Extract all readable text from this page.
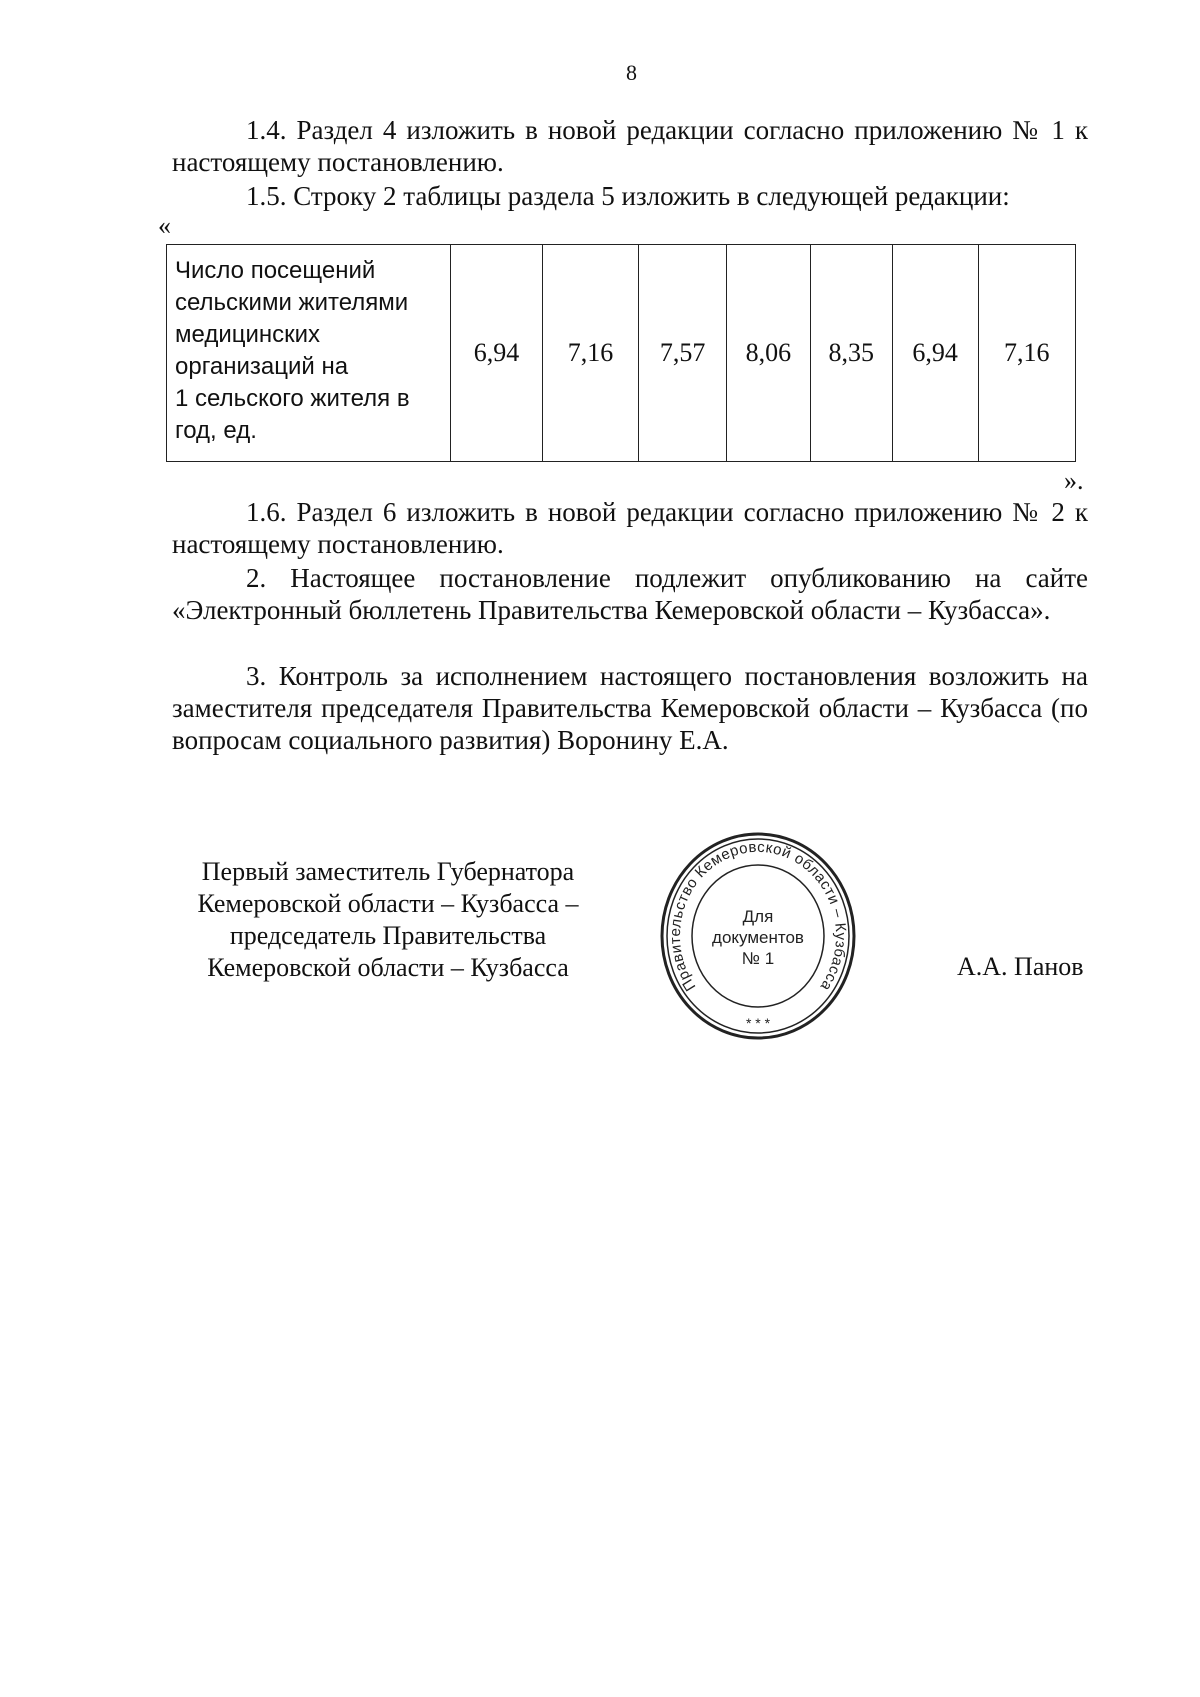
8
1.4. Раздел 4 изложить в новой редакции согласно приложению № 1 к настоящему постановлению.
1.5. Строку 2 таблицы раздела 5 изложить в следующей редакции:
«
Число посещений
сельскими жителями
медицинских
организаций на
1 сельского жителя в
год, ед.
	6,94	7,16	7,57	8,06	8,35	6,94	7,16
».
1.6. Раздел 6 изложить в новой редакции согласно приложению № 2 к настоящему постановлению.
2. Настоящее постановление подлежит опубликованию на сайте «Электронный бюллетень Правительства Кемеровской области – Кузбасса».
3. Контроль за исполнением настоящего постановления возложить на заместителя председателя Правительства Кемеровской области – Кузбасса (по вопросам социального развития) Воронину Е.А.
Первый заместитель Губернатора
Кемеровской области – Кузбасса –
председатель Правительства
Кемеровской области – Кузбасса
Правительство Кемеровской области – Кузбасса
* * *
Для
документов
№ 1	А.А. Панов
